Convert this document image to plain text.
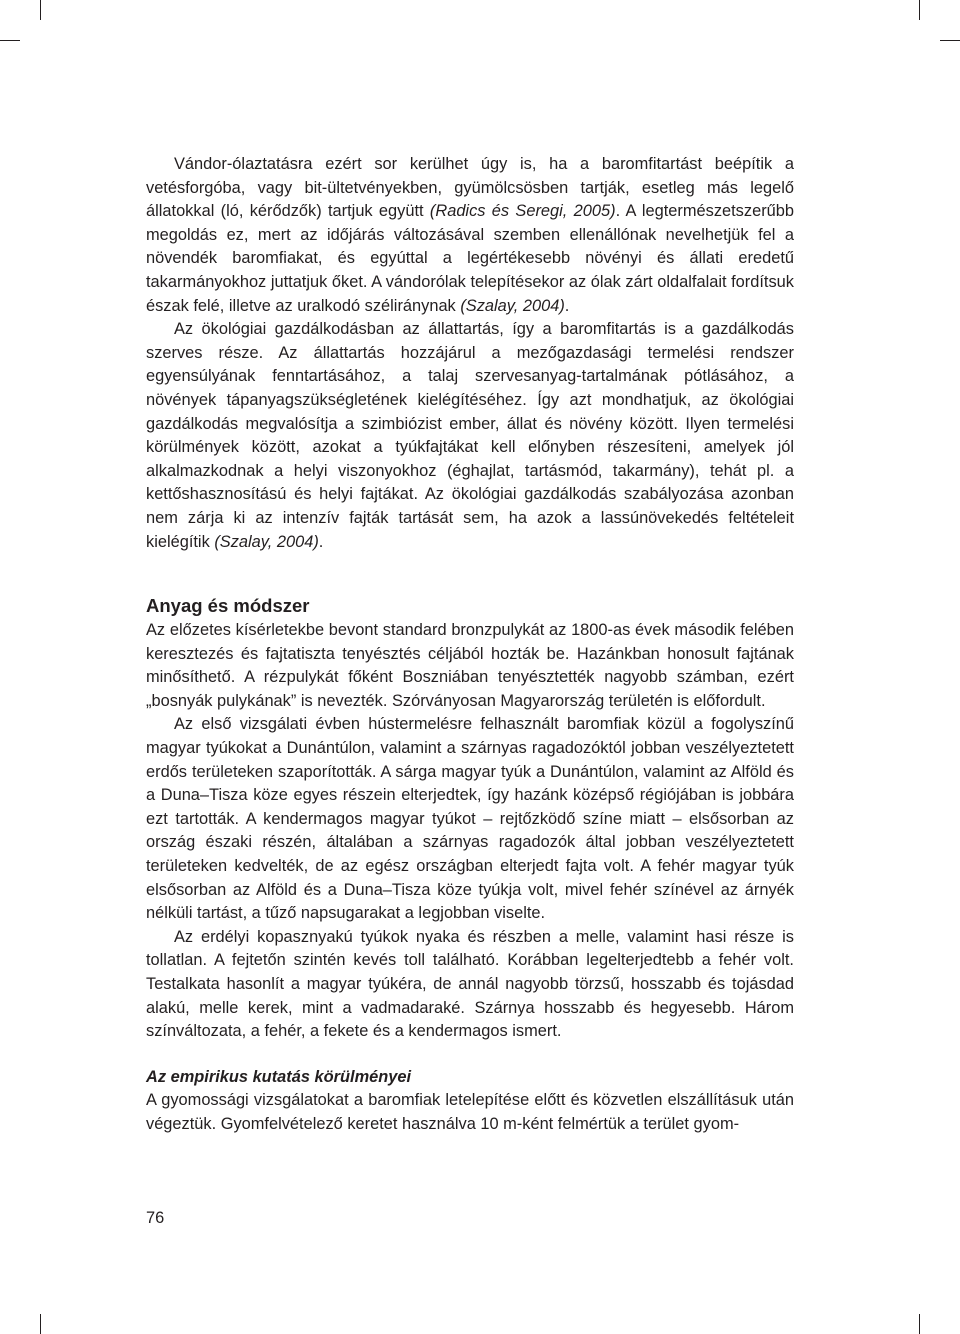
Vándor-ólaztatásra ezért sor kerülhet úgy is, ha a baromfitartást beépítik a vetésforgóba, vagy bit-ültetvényekben, gyümölcsösben tartják, esetleg más legelő állatokkal (ló, kérődzők) tartjuk együtt (Radics és Seregi, 2005). A legtermészetszerűbb megoldás ez, mert az időjárás változásával szemben ellenállónak nevelhetjük fel a növendék baromfiakat, és egyúttal a legértékesebb növényi és állati eredetű takarmányokhoz juttatjuk őket. A vándorólak telepítésekor az ólak zárt oldalfalait fordítsuk észak felé, illetve az uralkodó széliránynak (Szalay, 2004).

Az ökológiai gazdálkodásban az állattartás, így a baromfitartás is a gazdálkodás szerves része. Az állattartás hozzájárul a mezőgazdasági termelési rendszer egyensúlyának fenntartásához, a talaj szervesanyag-tartalmának pótlásához, a növények tápanyagszükségletének kielégítéséhez. Így azt mondhatjuk, az ökológiai gazdálkodás megvalósítja a szimbiózist ember, állat és növény között. Ilyen termelési körülmények között, azokat a tyúkfajtákat kell előnyben részesíteni, amelyek jól alkalmazkodnak a helyi viszonyokhoz (éghajlat, tartásmód, takarmány), tehát pl. a kettőshasznosítású és helyi fajtákat. Az ökológiai gazdálkodás szabályozása azonban nem zárja ki az intenzív fajták tartását sem, ha azok a lassúnövekedés feltételeit kielégítik (Szalay, 2004).

Anyag és módszer

Az előzetes kísérletekbe bevont standard bronzpulykát az 1800-as évek második felében keresztezés és fajtatiszta tenyésztés céljából hozták be. Hazánkban honosult fajtának minősíthető. A rézpulykát főként Boszniában tenyésztették nagyobb számban, ezért „bosnyák pulykának” is nevezték. Szórványosan Magyarország területén is előfordult.

Az első vizsgálati évben hústermelésre felhasznált baromfiak közül a fogolyszínű magyar tyúkokat a Dunántúlon, valamint a szárnyas ragadozóktól jobban veszélyeztetett erdős területeken szaporították. A sárga magyar tyúk a Dunántúlon, valamint az Alföld és a Duna–Tisza köze egyes részein elterjedtek, így hazánk középső régiójában is jobbára ezt tartották. A kendermagos magyar tyúkot – rejtőzködő színe miatt – elsősorban az ország északi részén, általában a szárnyas ragadozók által jobban veszélyeztetett területeken kedvelték, de az egész országban elterjedt fajta volt. A fehér magyar tyúk elsősorban az Alföld és a Duna–Tisza köze tyúkja volt, mivel fehér színével az árnyék nélküli tartást, a tűző napsugarakat a legjobban viselte.

Az erdélyi kopasznyakú tyúkok nyaka és részben a melle, valamint hasi része is tollatlan. A fejtetőn szintén kevés toll található. Korábban legelterjedtebb a fehér volt. Testalkata hasonlít a magyar tyúkéra, de annál nagyobb törzsű, hosszabb és tojásdad alakú, melle kerek, mint a vadmadaraké. Szárnya hosszabb és hegyesebb. Három színváltozata, a fehér, a fekete és a kendermagos ismert.

Az empirikus kutatás körülményei

A gyomossági vizsgálatokat a baromfiak letelepítése előtt és közvetlen elszállításuk után végeztük. Gyomfelvételező keretet használva 10 m-ként felmértük a terület gyom-

76
